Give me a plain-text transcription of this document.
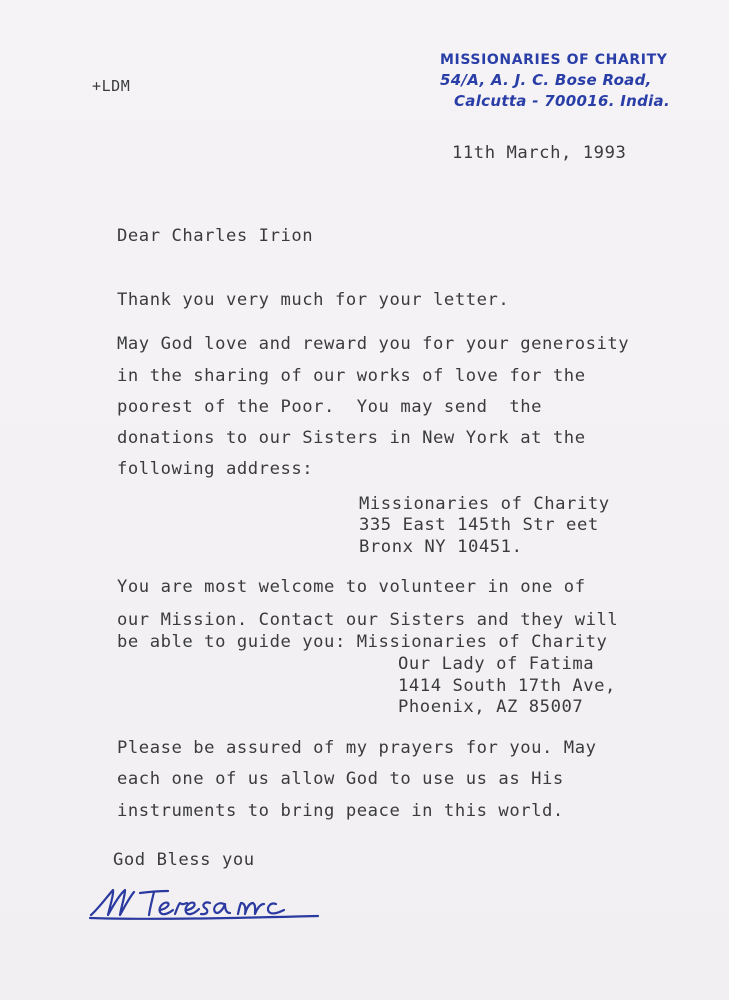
MISSIONARIES OF CHARITY
54/A, A. J. C. Bose Road,
Calcutta - 700016. India.
+LDM
11th March, 1993
Dear Charles Irion
Thank you very much for your letter.
May God love and reward you for your generosity
in the sharing of our works of love for the
poorest of the Poor.  You may send  the
donations to our Sisters in New York at the
following address:
Missionaries of Charity
335 East 145th Str eet
Bronx NY 10451.
You are most welcome to volunteer in one of
our Mission. Contact our Sisters and they will
be able to guide you: Missionaries of Charity
Our Lady of Fatima
1414 South 17th Ave,
Phoenix, AZ 85007
Please be assured of my prayers for you. May
each one of us allow God to use us as His
instruments to bring peace in this world.
God Bless you
